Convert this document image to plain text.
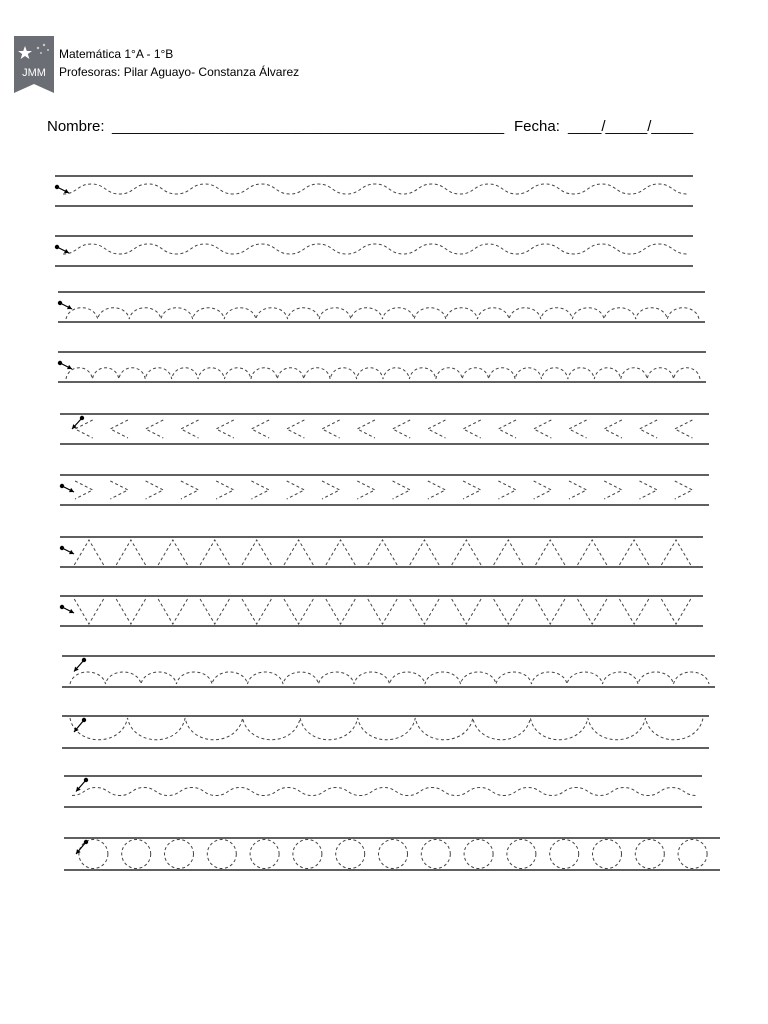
JMM
Matemática 1°A - 1°B
Profesoras: Pilar Aguayo- Constanza Álvarez
Nombre: _______________________________________________ Fecha: ____/_____/_____
